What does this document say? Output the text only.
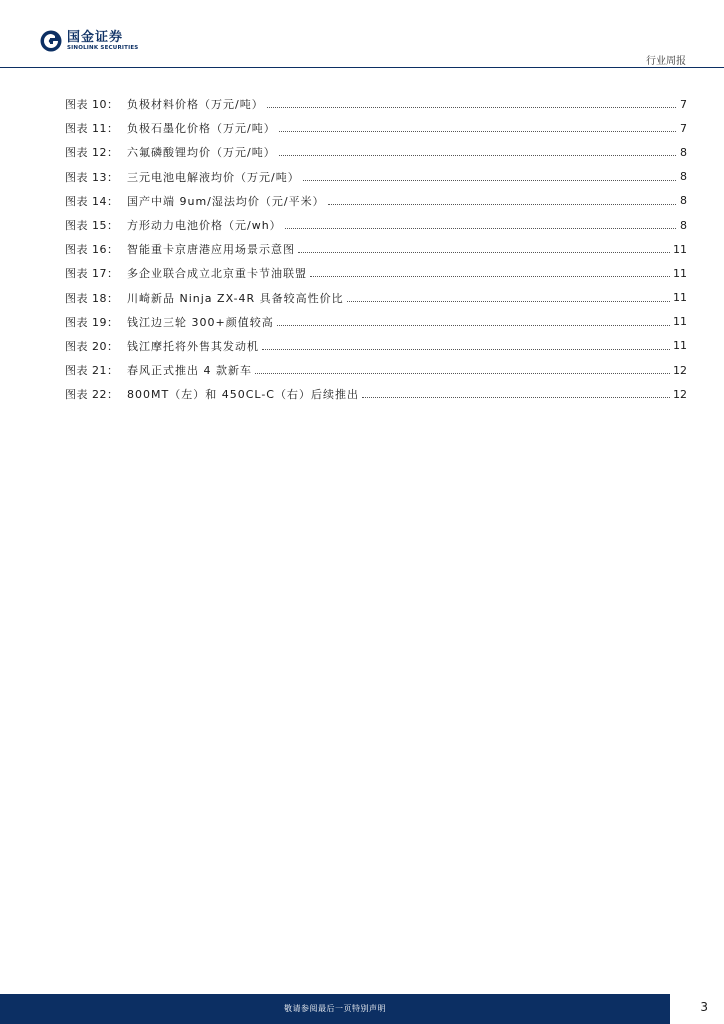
国金证券
SINOLINK SECURITIES
行业周报
图表 10： 负极材料价格（万元/吨）	7
图表 11： 负极石墨化价格（万元/吨）	7
图表 12： 六氟磷酸锂均价（万元/吨）	8
图表 13： 三元电池电解液均价（万元/吨）	8
图表 14： 国产中端 9um/湿法均价（元/平米）	8
图表 15： 方形动力电池价格（元/wh）	8
图表 16： 智能重卡京唐港应用场景示意图	11
图表 17： 多企业联合成立北京重卡节油联盟	11
图表 18： 川崎新品 Ninja ZX-4R 具备较高性价比	11
图表 19： 钱江边三轮 300+颜值较高	11
图表 20： 钱江摩托将外售其发动机	11
图表 21： 春风正式推出 4 款新车	12
图表 22： 800MT（左）和 450CL-C（右）后续推出	12
敬请参阅最后一页特别声明	3
